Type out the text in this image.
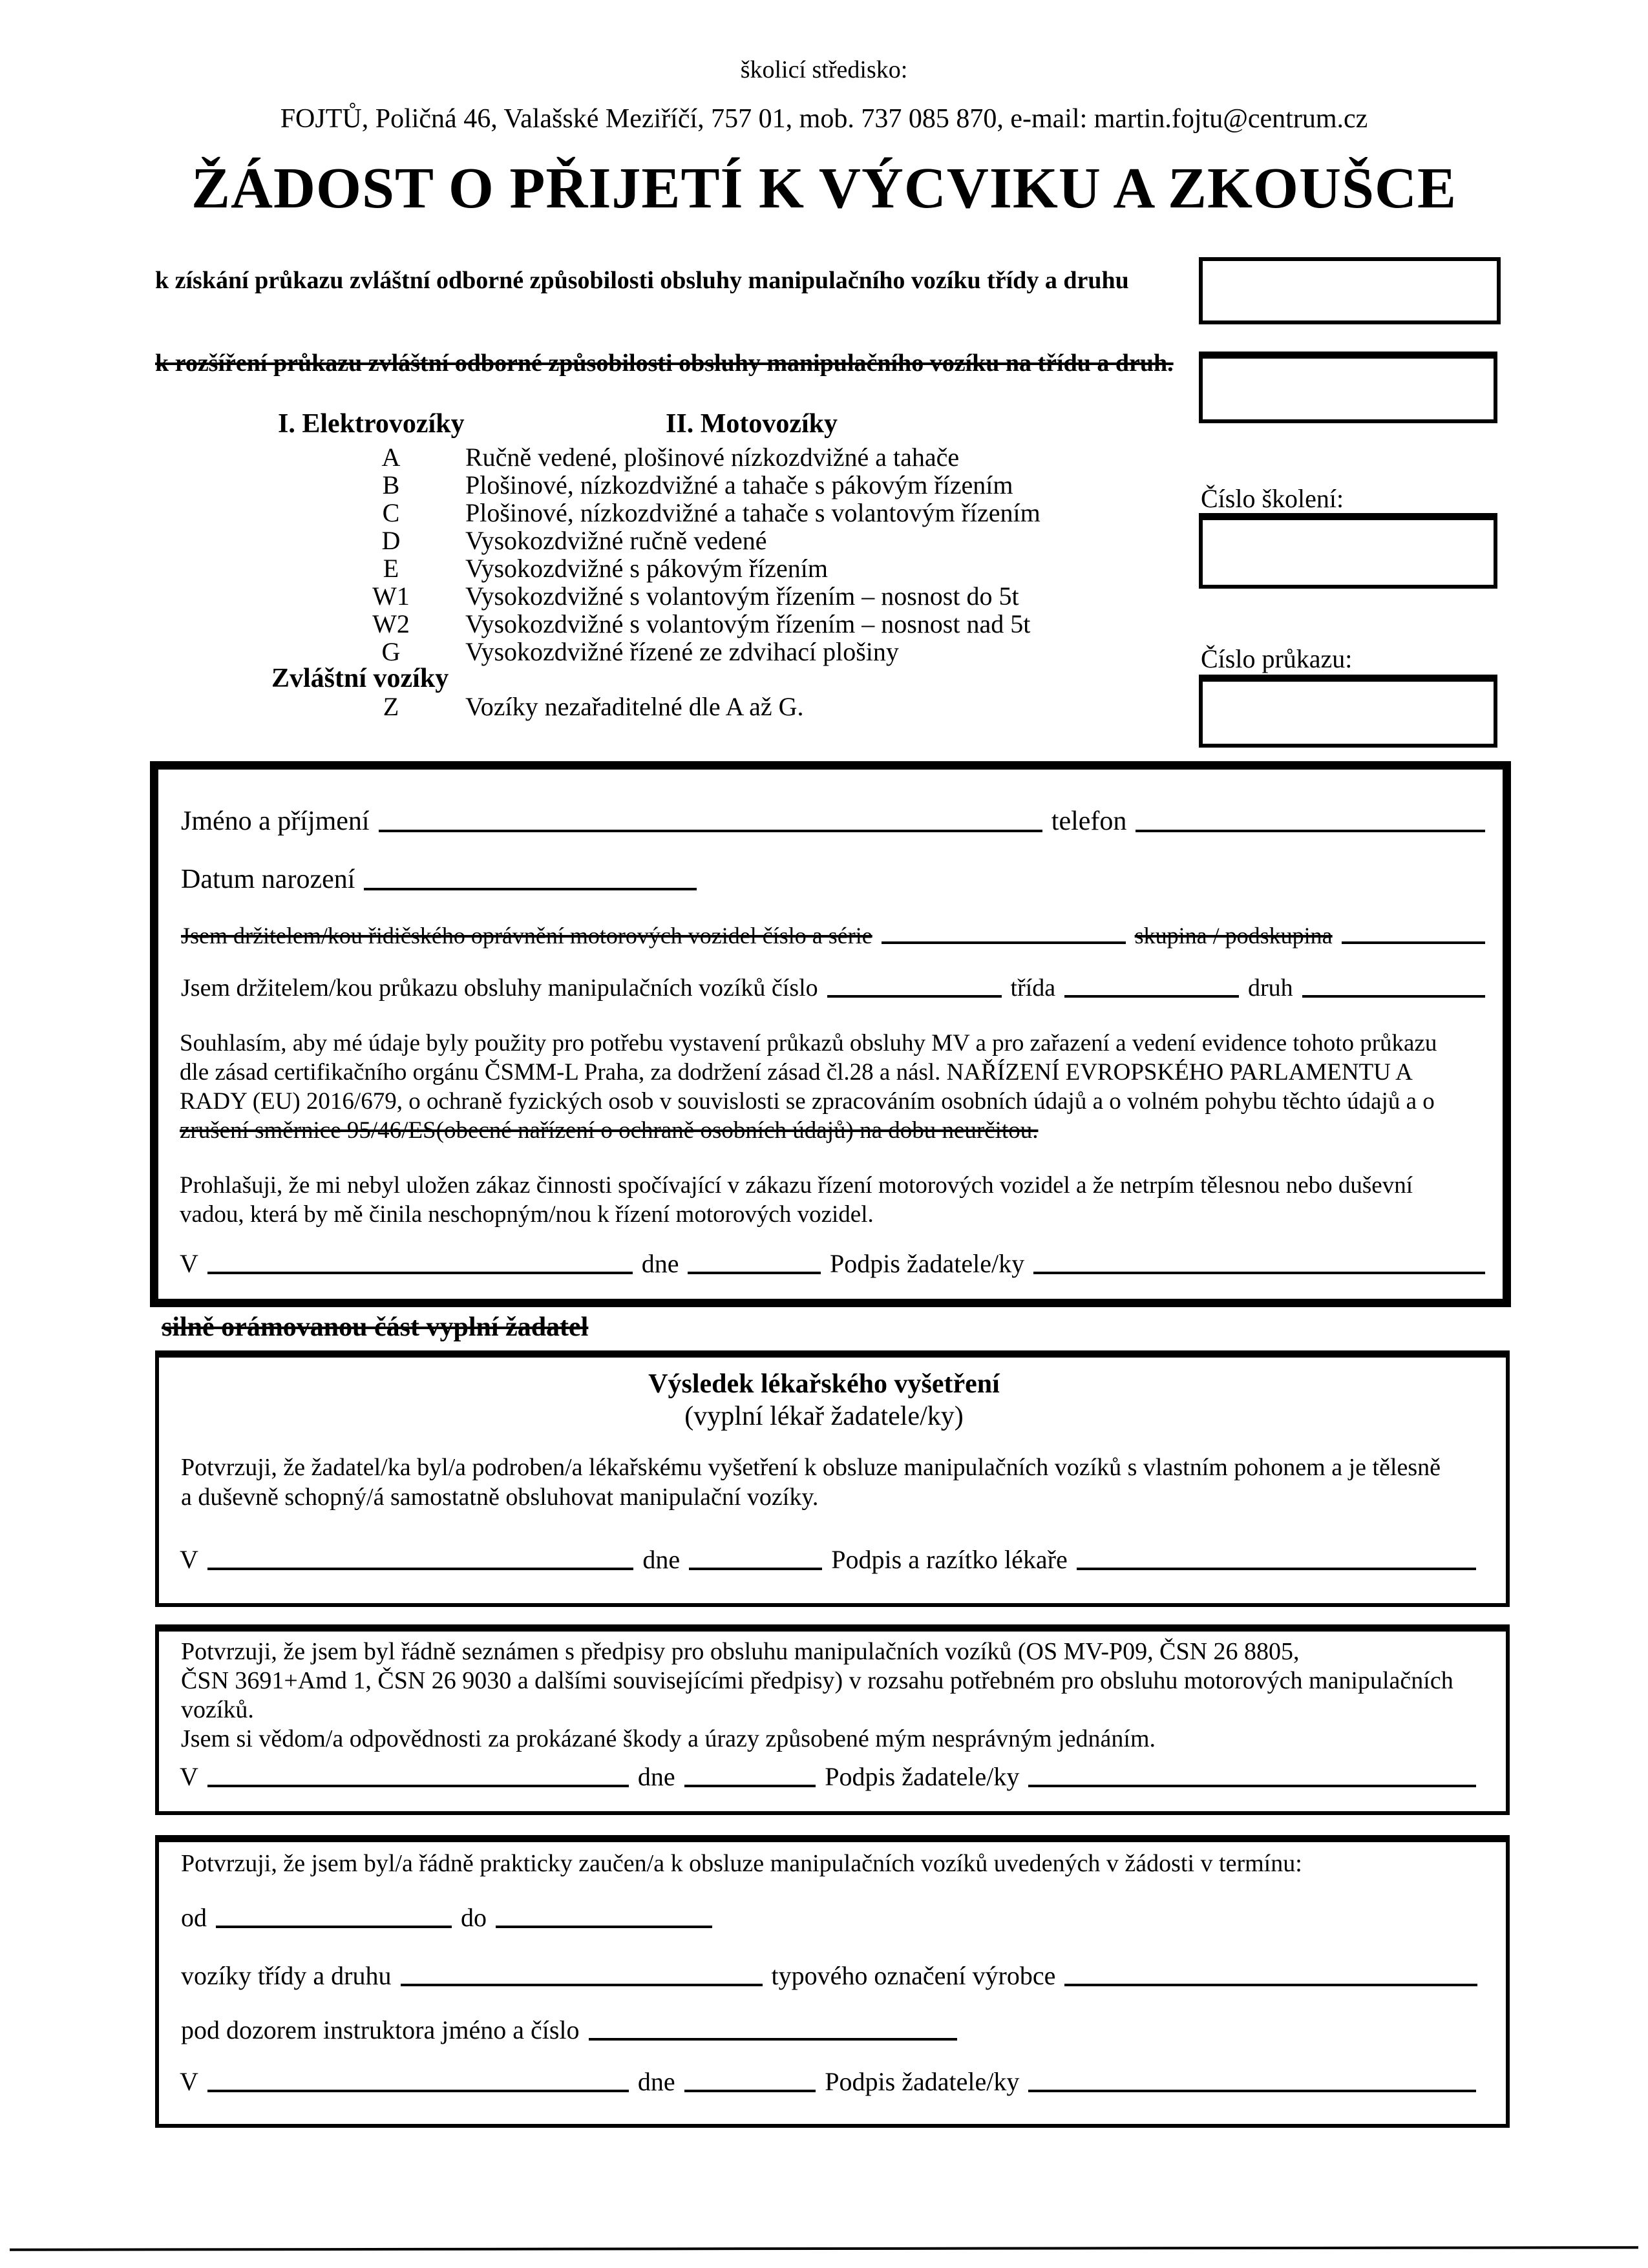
školicí středisko:
FOJTŮ, Poličná 46, Valašské Meziříčí, 757 01, mob. 737 085 870, e-mail: martin.fojtu@centrum.cz
ŽÁDOST O PŘIJETÍ K VÝCVIKU A ZKOUŠCE
k získání průkazu zvláštní odborné způsobilosti obsluhy manipulačního vozíku třídy a druhu
k rozšíření průkazu zvláštní odborné způsobilosti obsluhy manipulačního vozíku na třídu a druh.
I. Elektrovozíky	II. Motovozíky
A	Ručně vedené, plošinové nízkozdvižné a tahače
B	Plošinové, nízkozdvižné a tahače s pákovým řízením
C	Plošinové, nízkozdvižné a tahače s volantovým řízením
D	Vysokozdvižné ručně vedené
E	Vysokozdvižné s pákovým řízením
W1	Vysokozdvižné s volantovým řízením – nosnost do 5t
W2	Vysokozdvižné s volantovým řízením – nosnost nad 5t
G	Vysokozdvižné řízené ze zdvihací plošiny
Zvláštní vozíky
Z	Vozíky nezařaditelné dle A až G.
Číslo školení:
Číslo průkazu:
Jméno a příjmení	telefon
Datum narození
Jsem držitelem/kou řidičského oprávnění motorových vozidel číslo a série	skupina / podskupina
Jsem držitelem/kou průkazu obsluhy manipulačních vozíků číslo	třída	druh
Souhlasím, aby mé údaje byly použity pro potřebu vystavení průkazů obsluhy MV a pro zařazení a vedení evidence tohoto průkazu
dle zásad certifikačního orgánu ČSMM-L Praha, za dodržení zásad čl.28 a násl. NAŘÍZENÍ EVROPSKÉHO PARLAMENTU A
RADY (EU) 2016/679, o ochraně fyzických osob v souvislosti se zpracováním osobních údajů a o volném pohybu těchto údajů a o
zrušení směrnice 95/46/ES(obecné nařízení o ochraně osobních údajů) na dobu neurčitou.
Prohlašuji, že mi nebyl uložen zákaz činnosti spočívající v zákazu řízení motorových vozidel a že netrpím tělesnou nebo duševní
vadou, která by mě činila neschopným/nou k řízení motorových vozidel.
V	dne	Podpis žadatele/ky
silně orámovanou část vyplní žadatel
Výsledek lékařského vyšetření
(vyplní lékař žadatele/ky)
Potvrzuji, že žadatel/ka byl/a podroben/a lékařskému vyšetření k obsluze manipulačních vozíků s vlastním pohonem a je tělesně
a duševně schopný/á samostatně obsluhovat manipulační vozíky.
V	dne	Podpis a razítko lékaře
Potvrzuji, že jsem byl řádně seznámen s předpisy pro obsluhu manipulačních vozíků (OS MV-P09, ČSN 26 8805,
ČSN 3691+Amd 1, ČSN 26 9030 a dalšími souvisejícími předpisy) v rozsahu potřebném pro obsluhu motorových manipulačních
vozíků.
Jsem si vědom/a odpovědnosti za prokázané škody a úrazy způsobené mým nesprávným jednáním.
V	dne	Podpis žadatele/ky
Potvrzuji, že jsem byl/a řádně prakticky zaučen/a k obsluze manipulačních vozíků uvedených v žádosti v termínu:
od	do
vozíky třídy a druhu	typového označení výrobce
pod dozorem instruktora jméno a číslo
V	dne	Podpis žadatele/ky
